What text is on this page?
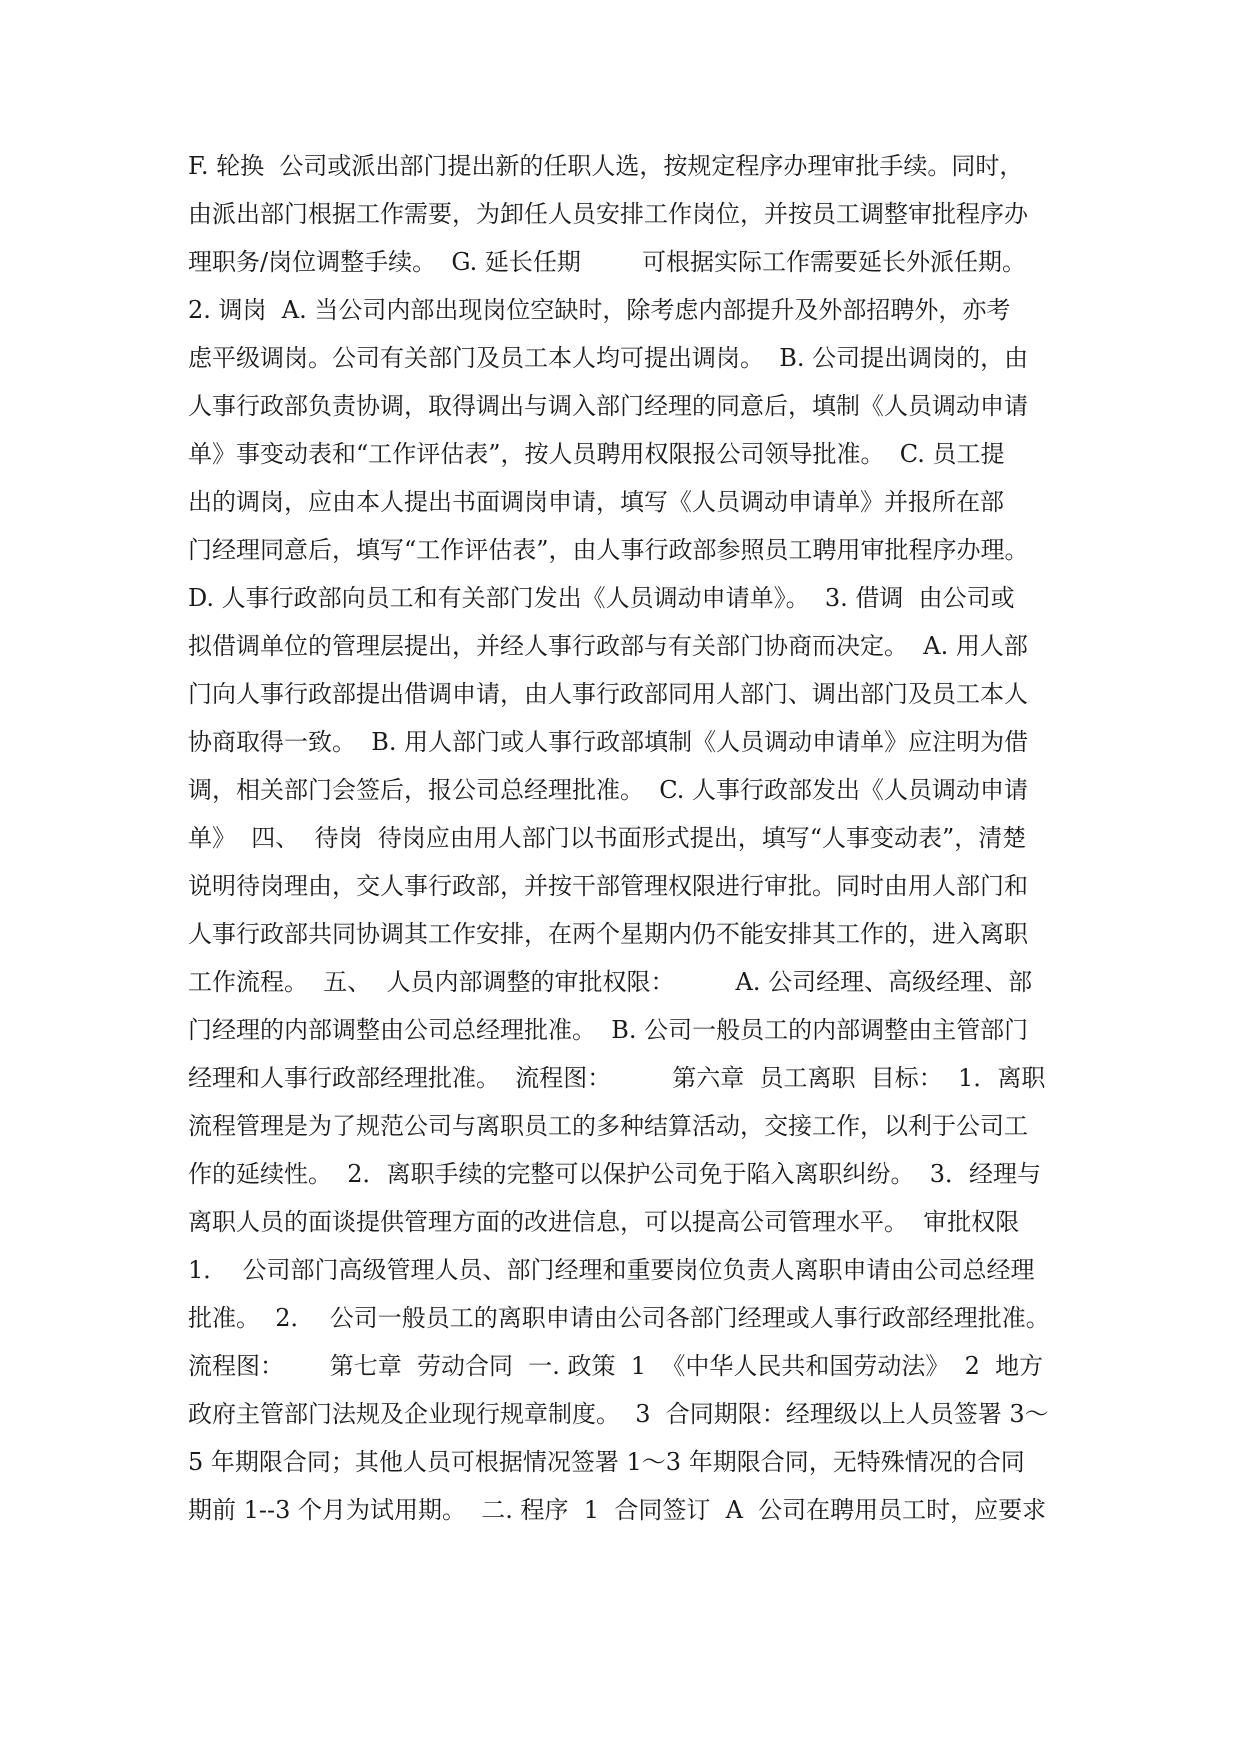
F. 轮换  公司或派出部门提出新的任职人选，按规定程序办理审批手续。同时，
由派出部门根据工作需要，为卸任人员安排工作岗位，并按员工调整审批程序办
理职务/岗位调整手续。  G. 延长任期        可根据实际工作需要延长外派任期。
2. 调岗  A. 当公司内部出现岗位空缺时，除考虑内部提升及外部招聘外，亦考
虑平级调岗。公司有关部门及员工本人均可提出调岗。  B. 公司提出调岗的，由
人事行政部负责协调，取得调出与调入部门经理的同意后，填制《人员调动申请
单》事变动表和“工作评估表”，按人员聘用权限报公司领导批准。  C. 员工提
出的调岗，应由本人提出书面调岗申请，填写《人员调动申请单》并报所在部
门经理同意后，填写“工作评估表”，由人事行政部参照员工聘用审批程序办理。
D. 人事行政部向员工和有关部门发出《人员调动申请单》。  3. 借调  由公司或
拟借调单位的管理层提出，并经人事行政部与有关部门协商而决定。  A. 用人部
门向人事行政部提出借调申请，由人事行政部同用人部门、调出部门及员工本人
协商取得一致。  B. 用人部门或人事行政部填制《人员调动申请单》应注明为借
调，相关部门会签后，报公司总经理批准。  C. 人事行政部发出《人员调动申请
单》  四、  待岗  待岗应由用人部门以书面形式提出，填写“人事变动表”，清楚
说明待岗理由，交人事行政部，并按干部管理权限进行审批。同时由用人部门和
人事行政部共同协调其工作安排，在两个星期内仍不能安排其工作的，进入离职
工作流程。  五、  人员内部调整的审批权限：        A. 公司经理、高级经理、部
门经理的内部调整由公司总经理批准。  B. 公司一般员工的内部调整由主管部门
经理和人事行政部经理批准。  流程图：        第六章  员工离职  目标：  1．离职
流程管理是为了规范公司与离职员工的多种结算活动，交接工作，以利于公司工
作的延续性。  2．离职手续的完整可以保护公司免于陷入离职纠纷。  3．经理与
离职人员的面谈提供管理方面的改进信息，可以提高公司管理水平。  审批权限
1．  公司部门高级管理人员、部门经理和重要岗位负责人离职申请由公司总经理
批准。  2．  公司一般员工的离职申请由公司各部门经理或人事行政部经理批准。
流程图：      第七章  劳动合同  一. 政策  1  《中华人民共和国劳动法》  2  地方
政府主管部门法规及企业现行规章制度。  3  合同期限：经理级以上人员签署 3～
5 年期限合同；其他人员可根据情况签署 1～3 年期限合同，无特殊情况的合同
期前 1--3 个月为试用期。  二. 程序  1  合同签订  A  公司在聘用员工时，应要求
